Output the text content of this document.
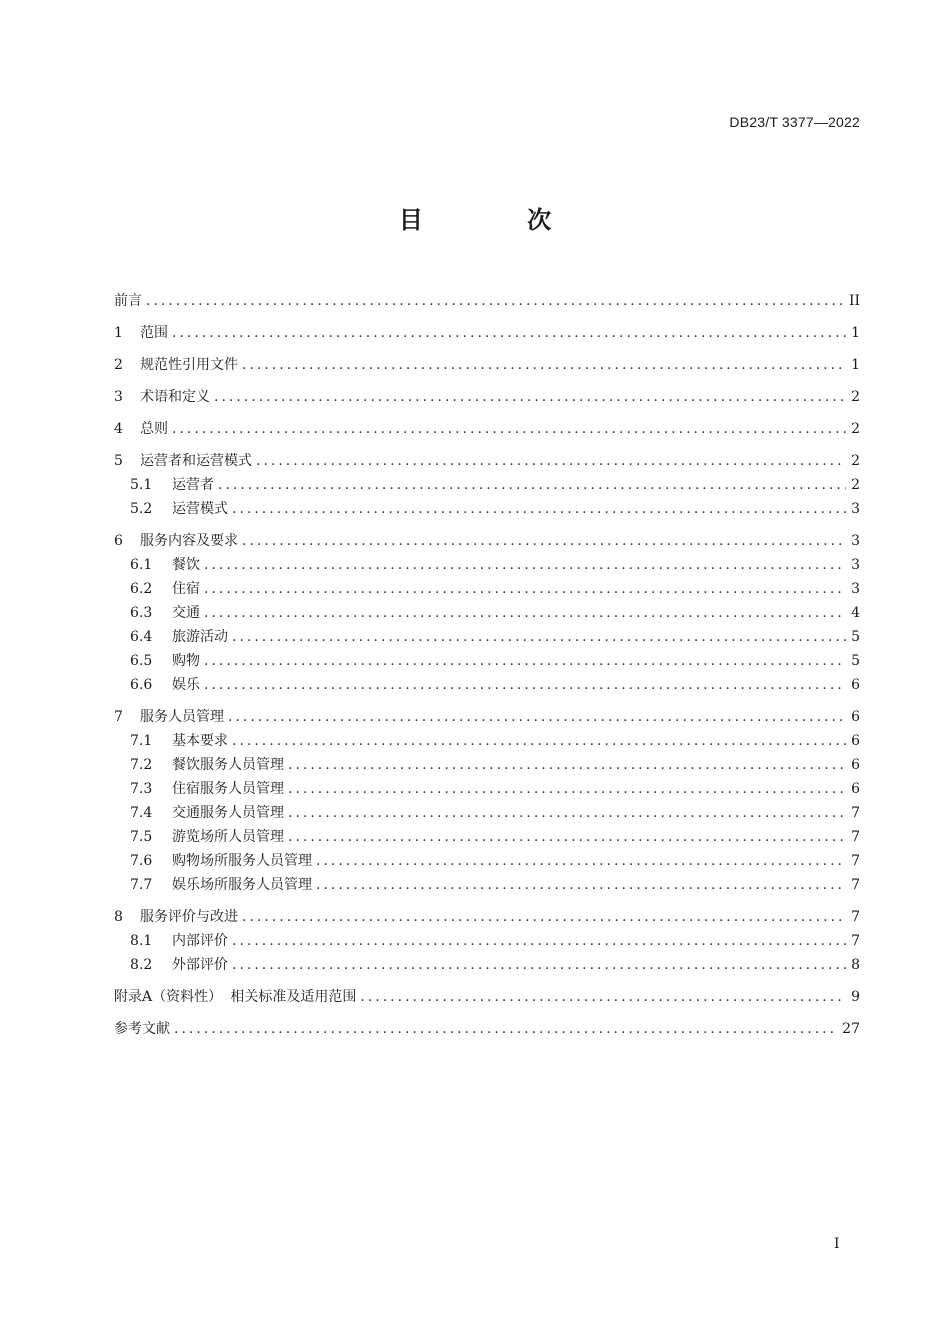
DB23/T 3377—2022
目 次
前言 .....	II
1	范围 .....	1
2	规范性引用文件 .....	1
3	术语和定义 .....	2
4	总则 .....	2
5	运营者和运营模式 .....	2
5.1	运营者 .....	2
5.2	运营模式 .....	3
6	服务内容及要求 .....	3
6.1	餐饮 .....	3
6.2	住宿 .....	3
6.3	交通 .....	4
6.4	旅游活动 .....	5
6.5	购物 .....	5
6.6	娱乐 .....	6
7	服务人员管理 .....	6
7.1	基本要求 .....	6
7.2	餐饮服务人员管理 .....	6
7.3	住宿服务人员管理 .....	6
7.4	交通服务人员管理 .....	7
7.5	游览场所人员管理 .....	7
7.6	购物场所服务人员管理 .....	7
7.7	娱乐场所服务人员管理 .....	7
8	服务评价与改进 .....	7
8.1	内部评价 .....	7
8.2	外部评价 .....	8
附录A（资料性） 相关标准及适用范围 .....	9
参考文献 .....	27
I
